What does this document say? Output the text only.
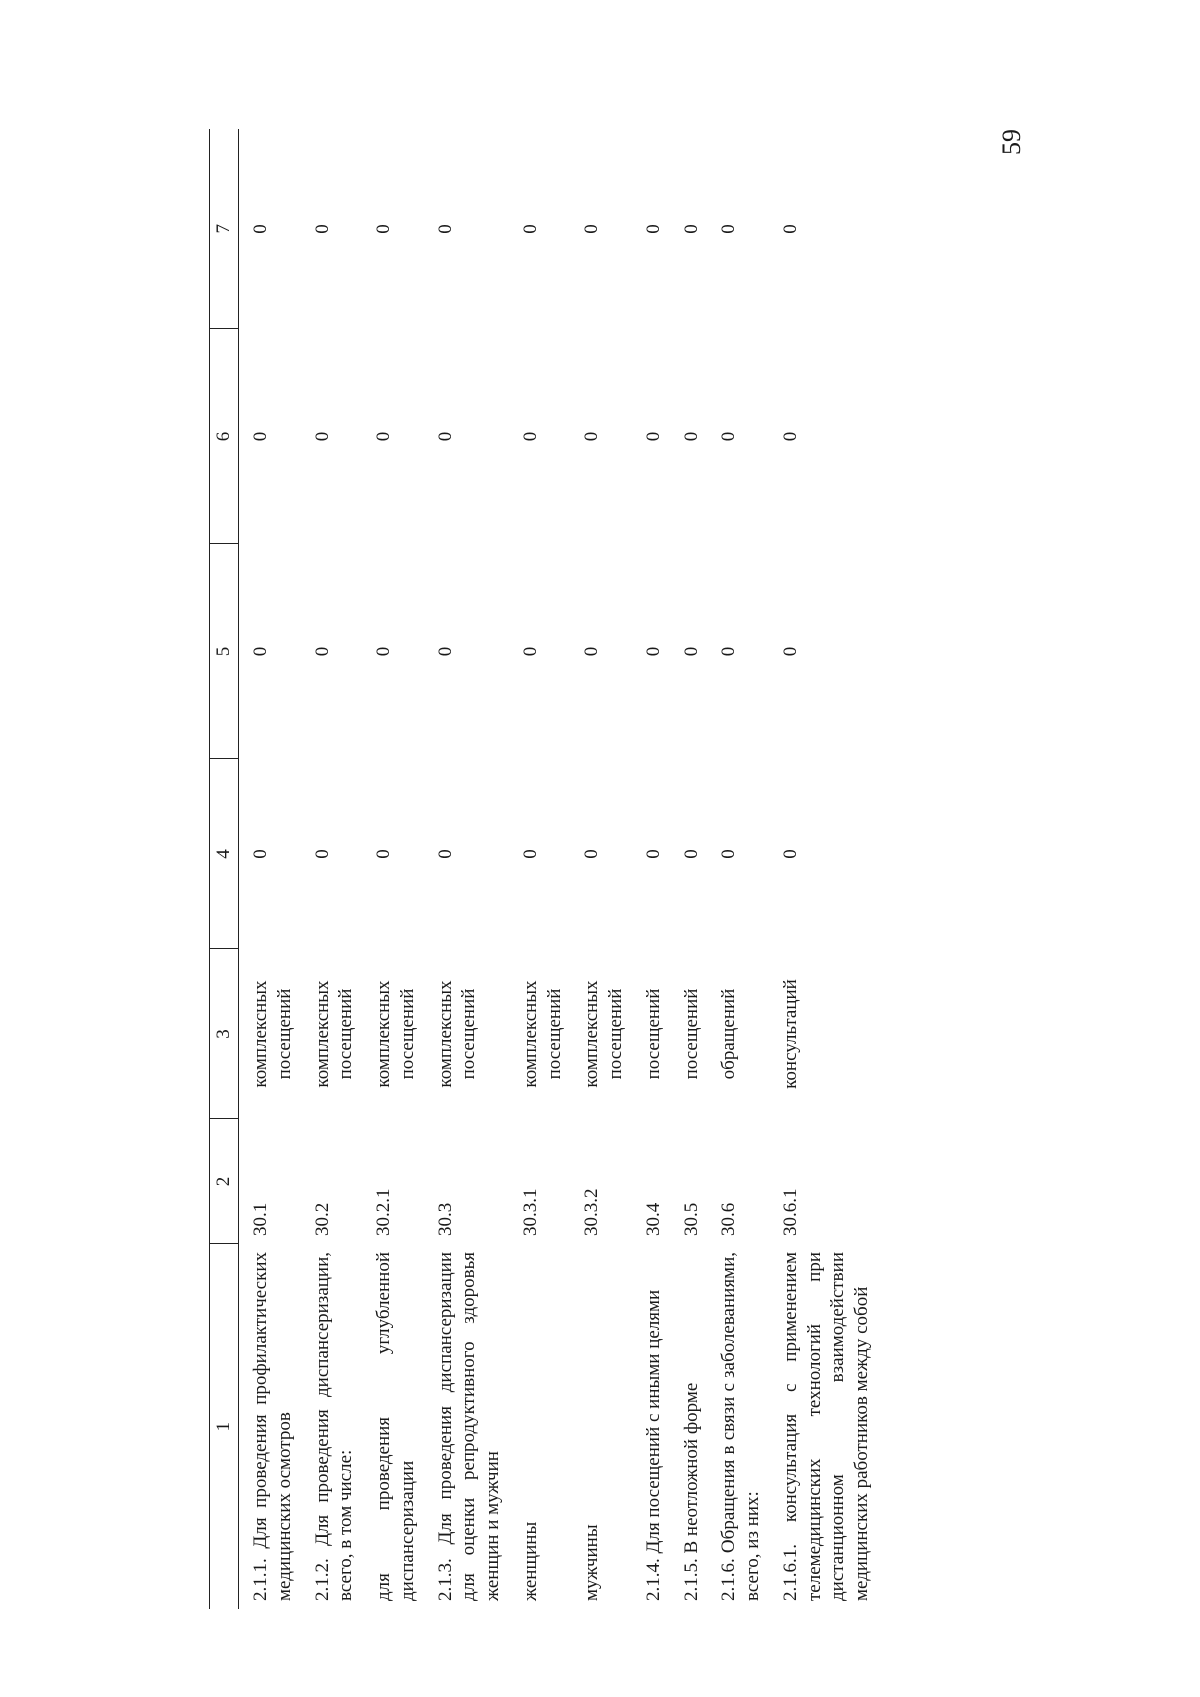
59
1	2	3	4	5	6	7
2.1.1. Для проведения профилактических медицинских осмотров	30.1	комплексных посещений	0	0	0	0
2.1.2. Для проведения диспансеризации, всего, в том числе:	30.2	комплексных посещений	0	0	0	0
для проведения углубленной диспансеризации	30.2.1	комплексных посещений	0	0	0	0
2.1.3. Для проведения диспансеризации для оценки репродуктивного здоровья женщин и мужчин	30.3	комплексных посещений	0	0	0	0
женщины	30.3.1	комплексных посещений	0	0	0	0
мужчины	30.3.2	комплексных посещений	0	0	0	0
2.1.4. Для посещений с иными целями	30.4	посещений	0	0	0	0
2.1.5. В неотложной форме	30.5	посещений	0	0	0	0
2.1.6. Обращения в связи с заболеваниями, всего, из них:	30.6	обращений	0	0	0	0
2.1.6.1. консультация с применением телемедицинских технологий при дистанционном взаимодействии медицинских работников между собой	30.6.1	консультаций	0	0	0	0
